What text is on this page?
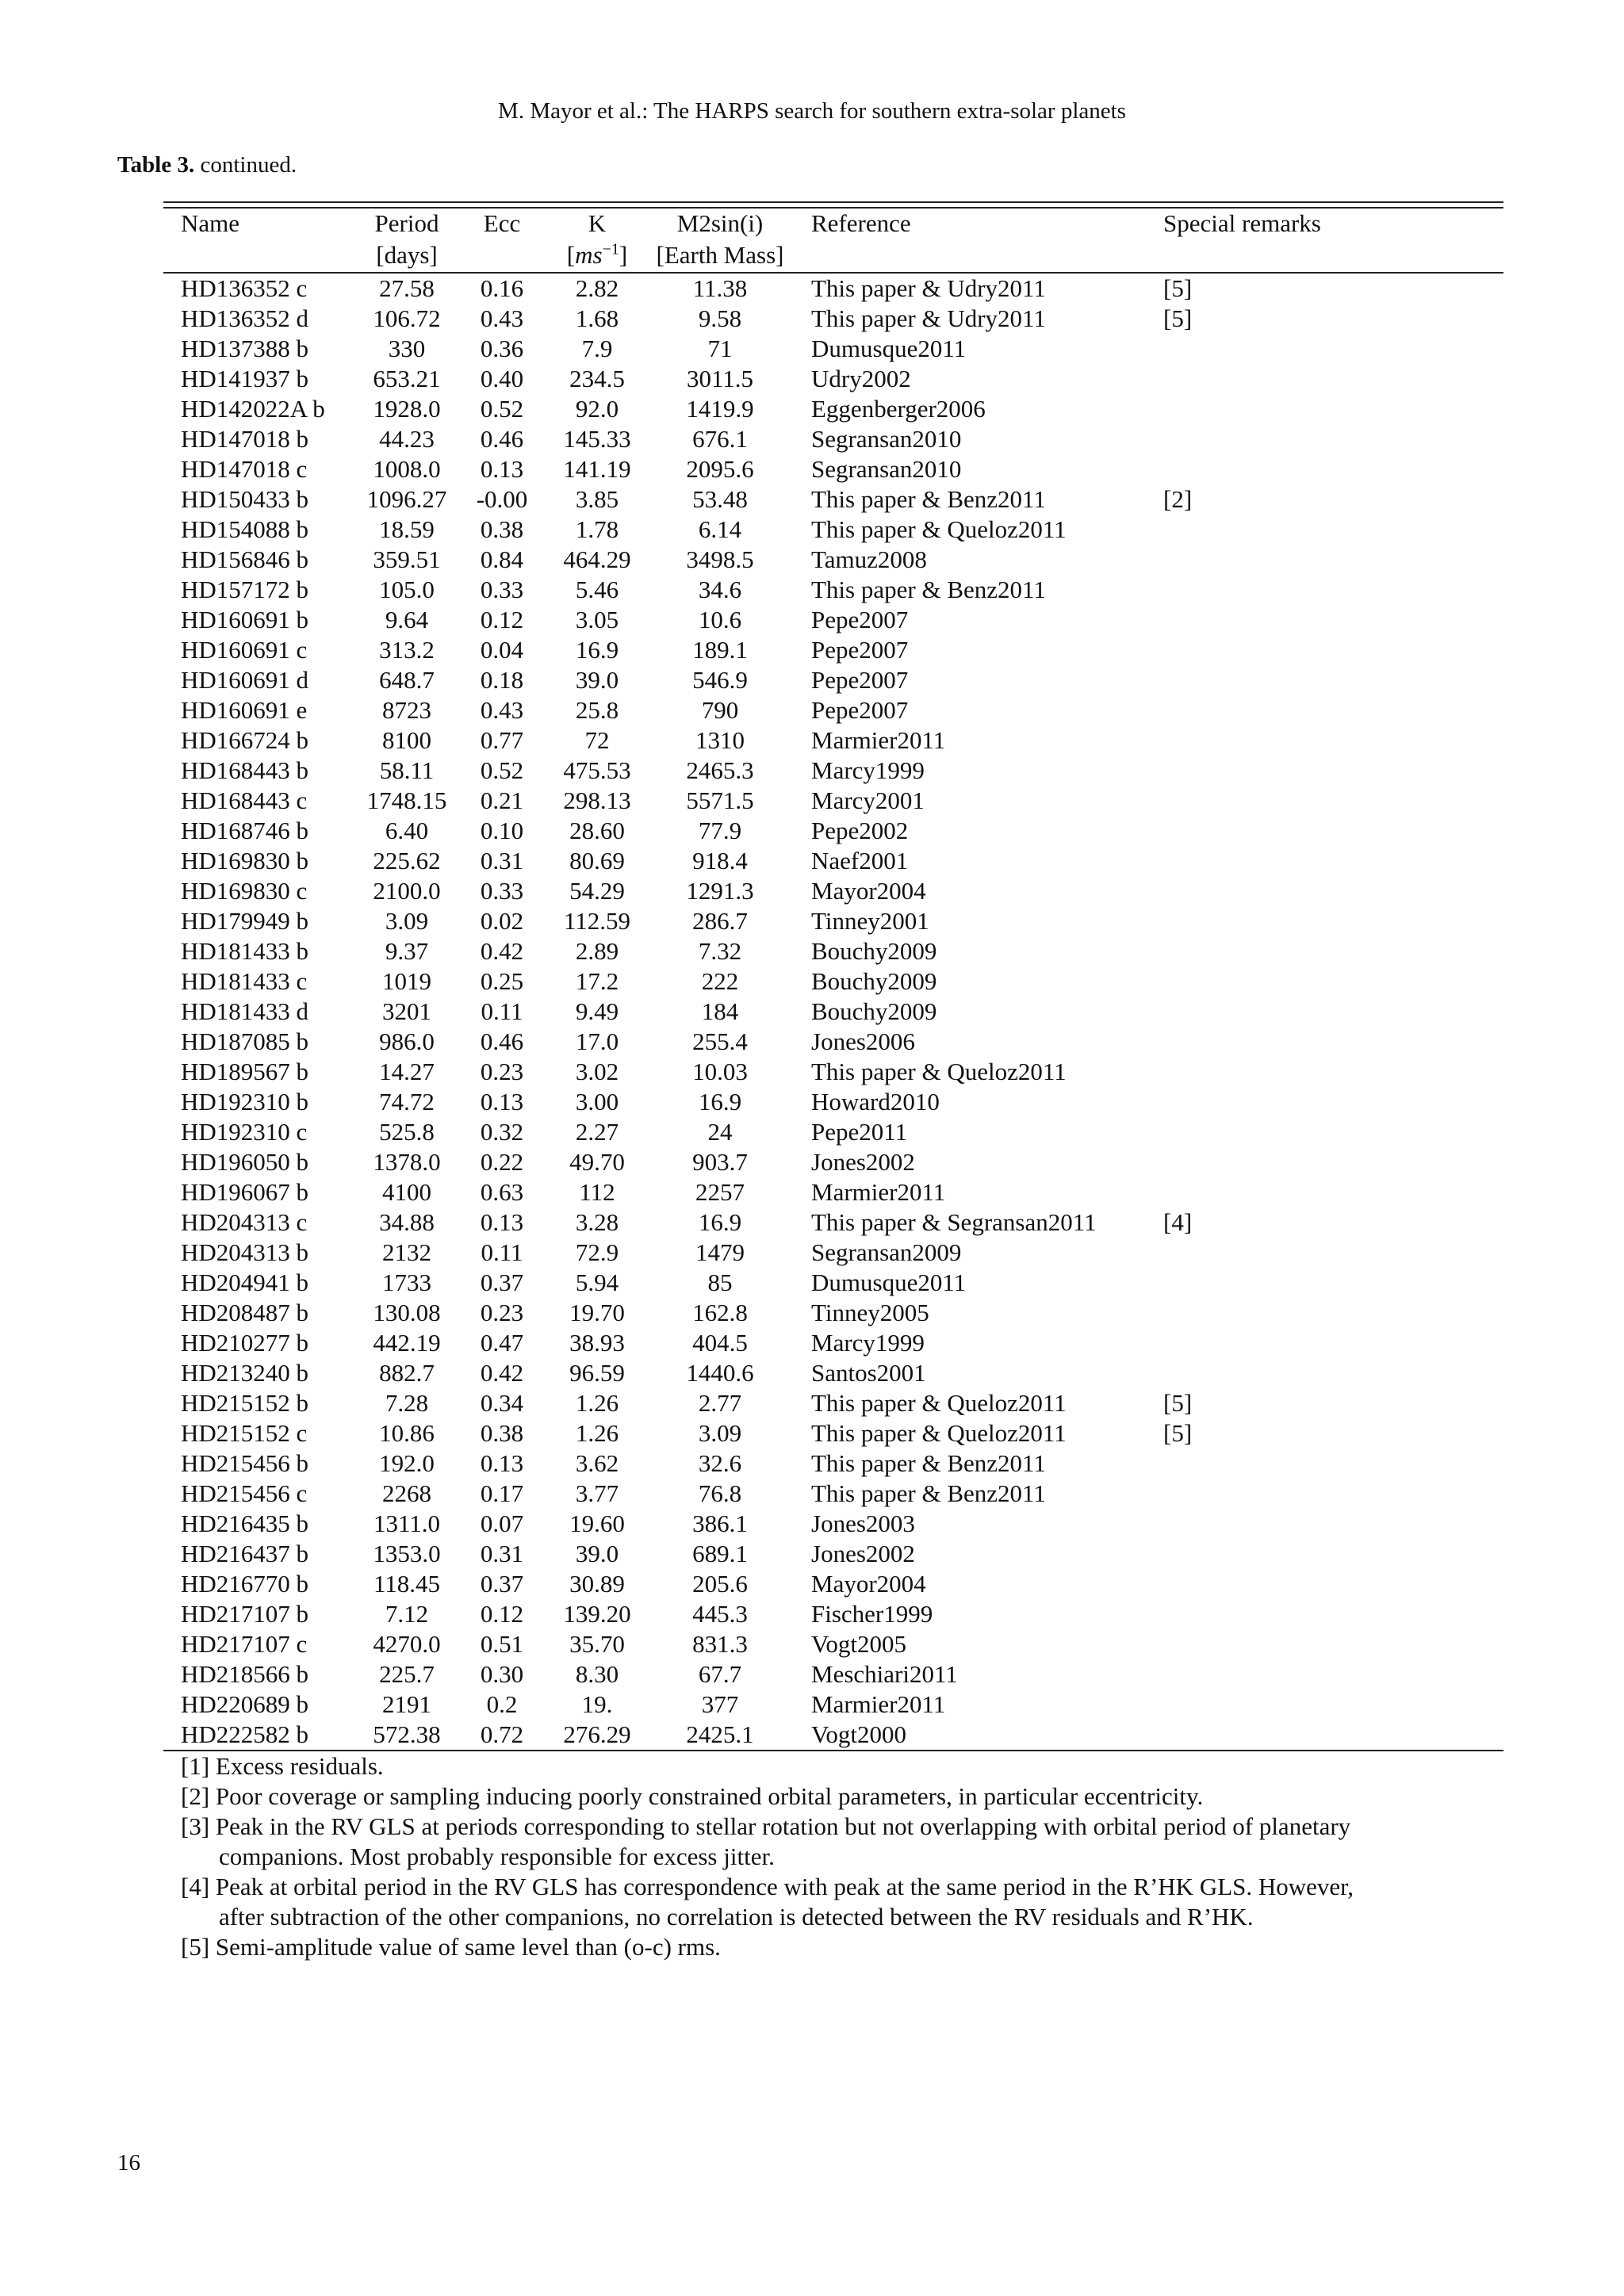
M. Mayor et al.: The HARPS search for southern extra-solar planets
Table 3. continued.
Name	Period	Ecc	K	M2sin(i)	Reference	Special remarks
	[days]		$[ms^{-1}]$	[Earth Mass]		
HD136352 c	27.58	0.16	2.82	11.38	This paper & Udry2011	[5]
HD136352 d	106.72	0.43	1.68	9.58	This paper & Udry2011	[5]
HD137388 b	330	0.36	7.9	71	Dumusque2011	
HD141937 b	653.21	0.40	234.5	3011.5	Udry2002	
HD142022A b	1928.0	0.52	92.0	1419.9	Eggenberger2006	
HD147018 b	44.23	0.46	145.33	676.1	Segransan2010	
HD147018 c	1008.0	0.13	141.19	2095.6	Segransan2010	
HD150433 b	1096.27	-0.00	3.85	53.48	This paper & Benz2011	[2]
HD154088 b	18.59	0.38	1.78	6.14	This paper & Queloz2011	
HD156846 b	359.51	0.84	464.29	3498.5	Tamuz2008	
HD157172 b	105.0	0.33	5.46	34.6	This paper & Benz2011	
HD160691 b	9.64	0.12	3.05	10.6	Pepe2007	
HD160691 c	313.2	0.04	16.9	189.1	Pepe2007	
HD160691 d	648.7	0.18	39.0	546.9	Pepe2007	
HD160691 e	8723	0.43	25.8	790	Pepe2007	
HD166724 b	8100	0.77	72	1310	Marmier2011	
HD168443 b	58.11	0.52	475.53	2465.3	Marcy1999	
HD168443 c	1748.15	0.21	298.13	5571.5	Marcy2001	
HD168746 b	6.40	0.10	28.60	77.9	Pepe2002	
HD169830 b	225.62	0.31	80.69	918.4	Naef2001	
HD169830 c	2100.0	0.33	54.29	1291.3	Mayor2004	
HD179949 b	3.09	0.02	112.59	286.7	Tinney2001	
HD181433 b	9.37	0.42	2.89	7.32	Bouchy2009	
HD181433 c	1019	0.25	17.2	222	Bouchy2009	
HD181433 d	3201	0.11	9.49	184	Bouchy2009	
HD187085 b	986.0	0.46	17.0	255.4	Jones2006	
HD189567 b	14.27	0.23	3.02	10.03	This paper & Queloz2011	
HD192310 b	74.72	0.13	3.00	16.9	Howard2010	
HD192310 c	525.8	0.32	2.27	24	Pepe2011	
HD196050 b	1378.0	0.22	49.70	903.7	Jones2002	
HD196067 b	4100	0.63	112	2257	Marmier2011	
HD204313 c	34.88	0.13	3.28	16.9	This paper & Segransan2011	[4]
HD204313 b	2132	0.11	72.9	1479	Segransan2009	
HD204941 b	1733	0.37	5.94	85	Dumusque2011	
HD208487 b	130.08	0.23	19.70	162.8	Tinney2005	
HD210277 b	442.19	0.47	38.93	404.5	Marcy1999	
HD213240 b	882.7	0.42	96.59	1440.6	Santos2001	
HD215152 b	7.28	0.34	1.26	2.77	This paper & Queloz2011	[5]
HD215152 c	10.86	0.38	1.26	3.09	This paper & Queloz2011	[5]
HD215456 b	192.0	0.13	3.62	32.6	This paper & Benz2011	
HD215456 c	2268	0.17	3.77	76.8	This paper & Benz2011	
HD216435 b	1311.0	0.07	19.60	386.1	Jones2003	
HD216437 b	1353.0	0.31	39.0	689.1	Jones2002	
HD216770 b	118.45	0.37	30.89	205.6	Mayor2004	
HD217107 b	7.12	0.12	139.20	445.3	Fischer1999	
HD217107 c	4270.0	0.51	35.70	831.3	Vogt2005	
HD218566 b	225.7	0.30	8.30	67.7	Meschiari2011	
HD220689 b	2191	0.2	19.	377	Marmier2011	
HD222582 b	572.38	0.72	276.29	2425.1	Vogt2000	
[1] Excess residuals.
[2] Poor coverage or sampling inducing poorly constrained orbital parameters, in particular eccentricity.
[3] Peak in the RV GLS at periods corresponding to stellar rotation but not overlapping with orbital period of planetary
companions. Most probably responsible for excess jitter.
[4] Peak at orbital period in the RV GLS has correspondence with peak at the same period in the R’HK GLS. However,
after subtraction of the other companions, no correlation is detected between the RV residuals and R’HK.
[5] Semi-amplitude value of same level than (o-c) rms.
16
